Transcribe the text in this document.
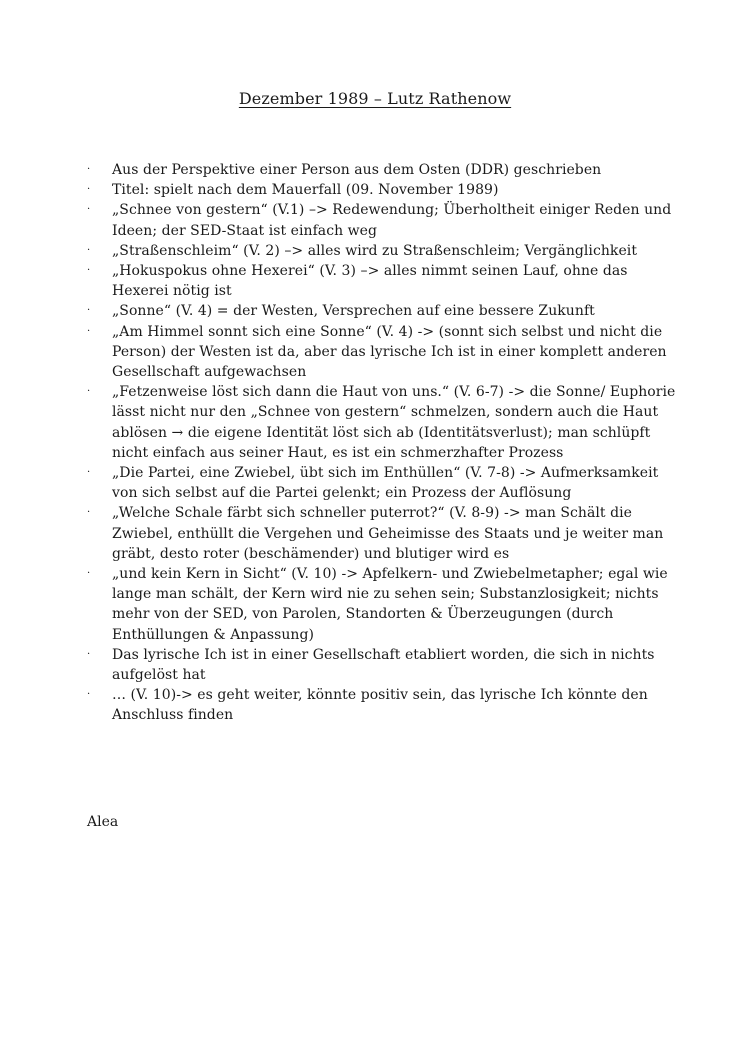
Dezember 1989 – Lutz Rathenow
·	Aus der Perspektive einer Person aus dem Osten (DDR) geschrieben
·	Titel: spielt nach dem Mauerfall (09. November 1989)
·	„Schnee von gestern“ (V.1) –> Redewendung; Überholtheit einiger Reden und Ideen; der SED-Staat ist einfach weg
·	„Straßenschleim“ (V. 2) –> alles wird zu Straßenschleim; Vergänglichkeit
·	„Hokuspokus ohne Hexerei“ (V. 3) –> alles nimmt seinen Lauf, ohne das Hexerei nötig ist
·	„Sonne“ (V. 4) = der Westen, Versprechen auf eine bessere Zukunft
·	„Am Himmel sonnt sich eine Sonne“ (V. 4) -> (sonnt sich selbst und nicht die Person) der Westen ist da, aber das lyrische Ich ist in einer komplett anderen Gesellschaft aufgewachsen
·	„Fetzenweise löst sich dann die Haut von uns.“ (V. 6-7) -> die Sonne/ Euphorie lässt nicht nur den „Schnee von gestern“ schmelzen, sondern auch die Haut ablösen → die eigene Identität löst sich ab (Identitätsverlust); man schlüpft nicht einfach aus seiner Haut, es ist ein schmerzhafter Prozess
·	„Die Partei, eine Zwiebel, übt sich im Enthüllen“ (V. 7-8) -> Aufmerksamkeit von sich selbst auf die Partei gelenkt; ein Prozess der Auflösung
·	„Welche Schale färbt sich schneller puterrot?“ (V. 8-9) -> man Schält die Zwiebel, enthüllt die Vergehen und Geheimisse des Staats und je weiter man gräbt, desto roter (beschämender) und blutiger wird es
·	„und kein Kern in Sicht“ (V. 10) -> Apfelkern- und Zwiebelmetapher; egal wie lange man schält, der Kern wird nie zu sehen sein; Substanzlosigkeit; nichts mehr von der SED, von Parolen, Standorten & Überzeugungen (durch Enthüllungen & Anpassung)
·	Das lyrische Ich ist in einer Gesellschaft etabliert worden, die sich in nichts aufgelöst hat
·	… (V. 10)-> es geht weiter, könnte positiv sein, das lyrische Ich könnte den Anschluss finden
Alea
